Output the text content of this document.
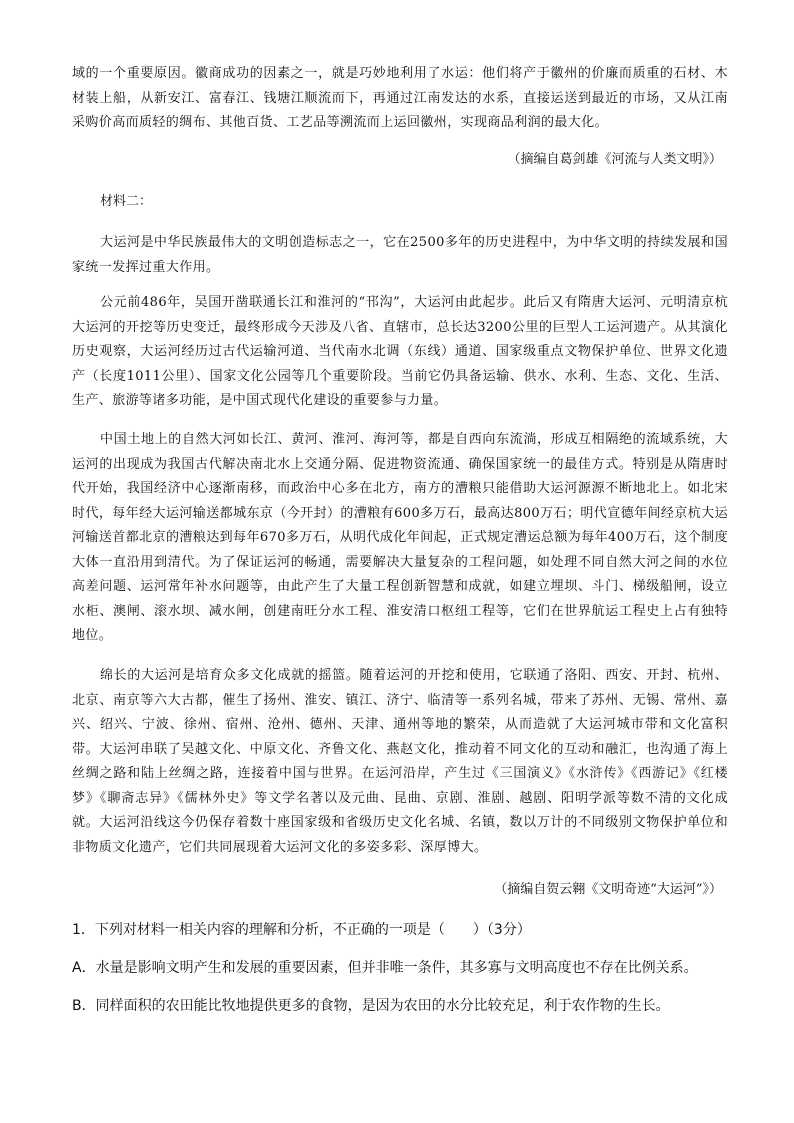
域的一个重要原因。徽商成功的因素之一，就是巧妙地利用了水运：他们将产于徽州的价廉而质重的石材、木材装上船，从新安江、富春江、钱塘江顺流而下，再通过江南发达的水系，直接运送到最近的市场，又从江南采购价高而质轻的绸布、其他百货、工艺品等溯流而上运回徽州，实现商品利润的最大化。

（摘编自葛剑雄《河流与人类文明》）

材料二：

大运河是中华民族最伟大的文明创造标志之一，它在2500多年的历史进程中，为中华文明的持续发展和国家统一发挥过重大作用。

公元前486年，吴国开凿联通长江和淮河的“邗沟”，大运河由此起步。此后又有隋唐大运河、元明清京杭大运河的开挖等历史变迁，最终形成今天涉及八省、直辖市，总长达3200公里的巨型人工运河遗产。从其演化历史观察，大运河经历过古代运输河道、当代南水北调（东线）通道、国家级重点文物保护单位、世界文化遗产（长度1011公里）、国家文化公园等几个重要阶段。当前它仍具备运输、供水、水利、生态、文化、生活、生产、旅游等诸多功能，是中国式现代化建设的重要参与力量。

中国土地上的自然大河如长江、黄河、淮河、海河等，都是自西向东流淌，形成互相隔绝的流域系统，大运河的出现成为我国古代解决南北水上交通分隔、促进物资流通、确保国家统一的最佳方式。特别是从隋唐时代开始，我国经济中心逐渐南移，而政治中心多在北方，南方的漕粮只能借助大运河源源不断地北上。如北宋时代，每年经大运河输送都城东京（今开封）的漕粮有600多万石，最高达800万石；明代宣德年间经京杭大运河输送首都北京的漕粮达到每年670多万石，从明代成化年间起，正式规定漕运总额为每年400万石，这个制度大体一直沿用到清代。为了保证运河的畅通，需要解决大量复杂的工程问题，如处理不同自然大河之间的水位高差问题、运河常年补水问题等，由此产生了大量工程创新智慧和成就，如建立埋坝、斗门、梯级船闸，设立水柜、澳闸、滚水坝、减水闸，创建南旺分水工程、淮安清口枢纽工程等，它们在世界航运工程史上占有独特地位。

绵长的大运河是培育众多文化成就的摇篮。随着运河的开挖和使用，它联通了洛阳、西安、开封、杭州、北京、南京等六大古都，催生了扬州、淮安、镇江、济宁、临清等一系列名城，带来了苏州、无锡、常州、嘉兴、绍兴、宁波、徐州、宿州、沧州、德州、天津、通州等地的繁荣，从而造就了大运河城市带和文化富积带。大运河串联了吴越文化、中原文化、齐鲁文化、燕赵文化，推动着不同文化的互动和融汇，也沟通了海上丝绸之路和陆上丝绸之路，连接着中国与世界。在运河沿岸，产生过《三国演义》《水浒传》《西游记》《红楼梦》《聊斋志异》《儒林外史》等文学名著以及元曲、昆曲、京剧、淮剧、越剧、阳明学派等数不清的文化成就。大运河沿线这今仍保存着数十座国家级和省级历史文化名城、名镇，数以万计的不同级别文物保护单位和非物质文化遗产，它们共同展现着大运河文化的多姿多彩、深厚博大。

（摘编自贺云翱《文明奇迹“大运河”》）

1．下列对材料一相关内容的理解和分析，不正确的一项是（　　）（3分）

A．水量是影响文明产生和发展的重要因素，但并非唯一条件，其多寡与文明高度也不存在比例关系。

B．同样面积的农田能比牧地提供更多的食物，是因为农田的水分比较充足，利于农作物的生长。
